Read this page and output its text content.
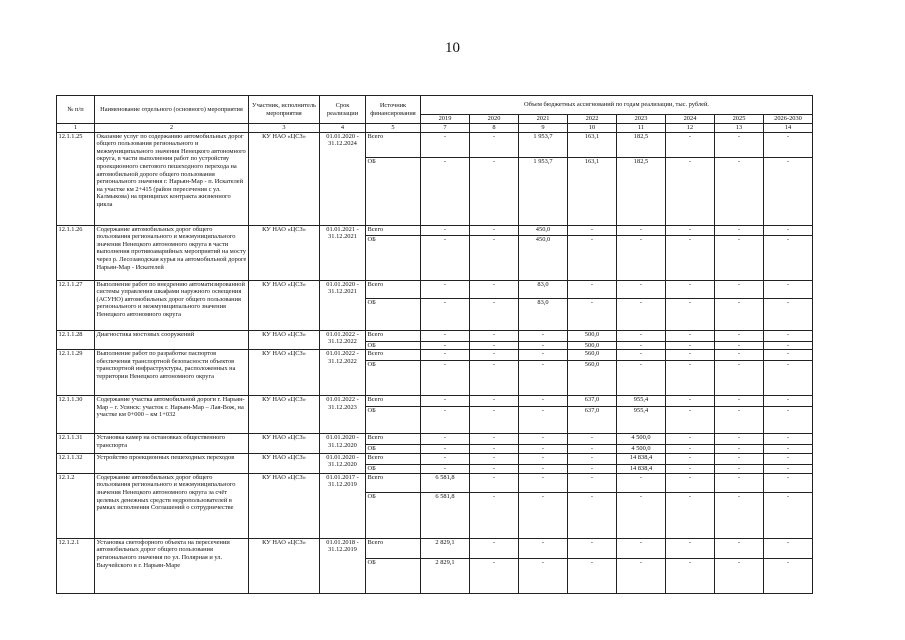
10
№ п/п	Наименование отдельного (основного) мероприятия	Участник, исполнитель мероприятия	Срок реализации	Источник финансирования	Объем бюджетных ассигнований по годам реализации, тыс. рублей.							
					2019	2020	2021	2022	2023	2024	2025	2026-2030
1	2	3	4	5	7	8	9	10	11	12	13	14
12.1.1.25	Оказание услуг по содержанию автомобильных дорог общего пользования регионального и межмуниципального значения Ненецкого автономного округа, в части выполнения работ по устройству проекционного светового пешеходного перехода на автомобильной дороге общего пользования регионального значения г. Нарьян-Мар - п. Искателей на участке км 2+415 (район пересечения с ул. Калмыкова) на принципах контракта жизненного цикла	КУ НАО «ЦСЗ»	01.01.2020 - 31.12.2024	Всего	-	-	1 953,7	163,1	182,5	-	-	-
				ОБ	-	-	1 953,7	163,1	182,5	-	-	-
12.1.1.26	Содержание автомобильных дорог общего пользования регионального и межмуниципального значения Ненецкого автономного округа в части выполнения противоаварийных мероприятий на мосту через р. Лесозаводская курья на автомобильной дороге Нарьян-Мар - Искателей	КУ НАО «ЦСЗ»	01.01.2021 - 31.12.2021	Всего	-	-	450,0	-	-	-	-	-
				ОБ	-	-	450,0	-	-	-	-	-
12.1.1.27	Выполнение работ по внедрению автоматизированной системы управления шкафами наружного освещения (АСУНО) автомобильных дорог общего пользования регионального и межмуниципального значения Ненецкого автономного округа	КУ НАО «ЦСЗ»	01.01.2020 - 31.12.2021	Всего	-	-	83,0	-	-	-	-	-
				ОБ	-	-	83,0	-	-	-	-	-
12.1.1.28	Диагностика мостовых сооружений	КУ НАО «ЦСЗ»	01.01.2022 - 31.12.2022	Всего	-	-	-	500,0	-	-	-	-
				ОБ	-	-	-	500,0	-	-	-	-
12.1.1.29	Выполнение работ по разработке паспортов обеспечения транспортной безопасности объектов транспортной инфраструктуры, расположенных на территории Ненецкого автономного округа	КУ НАО «ЦСЗ»	01.01.2022 - 31.12.2022	Всего	-	-	-	560,0	-	-	-	-
				ОБ	-	-	-	560,0	-	-	-	-
12.1.1.30	Содержание участка автомобильной дороги г. Нарьян-Мар – г. Усинск: участок г. Нарьян-Мар – Лая-Вож, на участке км 0+000 – км 1+032	КУ НАО «ЦСЗ»	01.01.2022 - 31.12.2023	Всего	-	-	-	637,0	955,4	-	-	-
				ОБ	-	-	-	637,0	955,4	-	-	-
12.1.1.31	Установка камер на остановках общественного транспорта	КУ НАО «ЦСЗ»	01.01.2020 - 31.12.2020	Всего	-	-	-	-	4 500,0	-	-	-
				ОБ	-	-	-	-	4 500,0	-	-	-
12.1.1.32	Устройство проекционных пешеходных переходов	КУ НАО «ЦСЗ»	01.01.2020 - 31.12.2020	Всего	-	-	-	-	14 838,4	-	-	-
				ОБ	-	-	-	-	14 838,4	-	-	-
12.1.2	Содержание автомобильных дорог общего пользования регионального и межмуниципального значения Ненецкого автономного округа за счёт целевых денежных средств недропользователей в рамках исполнения Соглашений о сотрудничестве	КУ НАО «ЦСЗ»	01.01.2017 - 31.12.2019	Всего	6 581,8	-	-	-	-	-	-	-
				ОБ	6 581,8	-	-	-	-	-	-	-
12.1.2.1	Установка светофорного объекта на пересечении автомобильных дорог общего пользования регионального значения по ул. Полярная и ул. Выучейского в г. Нарьян-Маре	КУ НАО «ЦСЗ»	01.01.2018 - 31.12.2019	Всего	2 829,1	-	-	-	-	-	-	-
				ОБ	2 829,1	-	-	-	-	-	-	-
